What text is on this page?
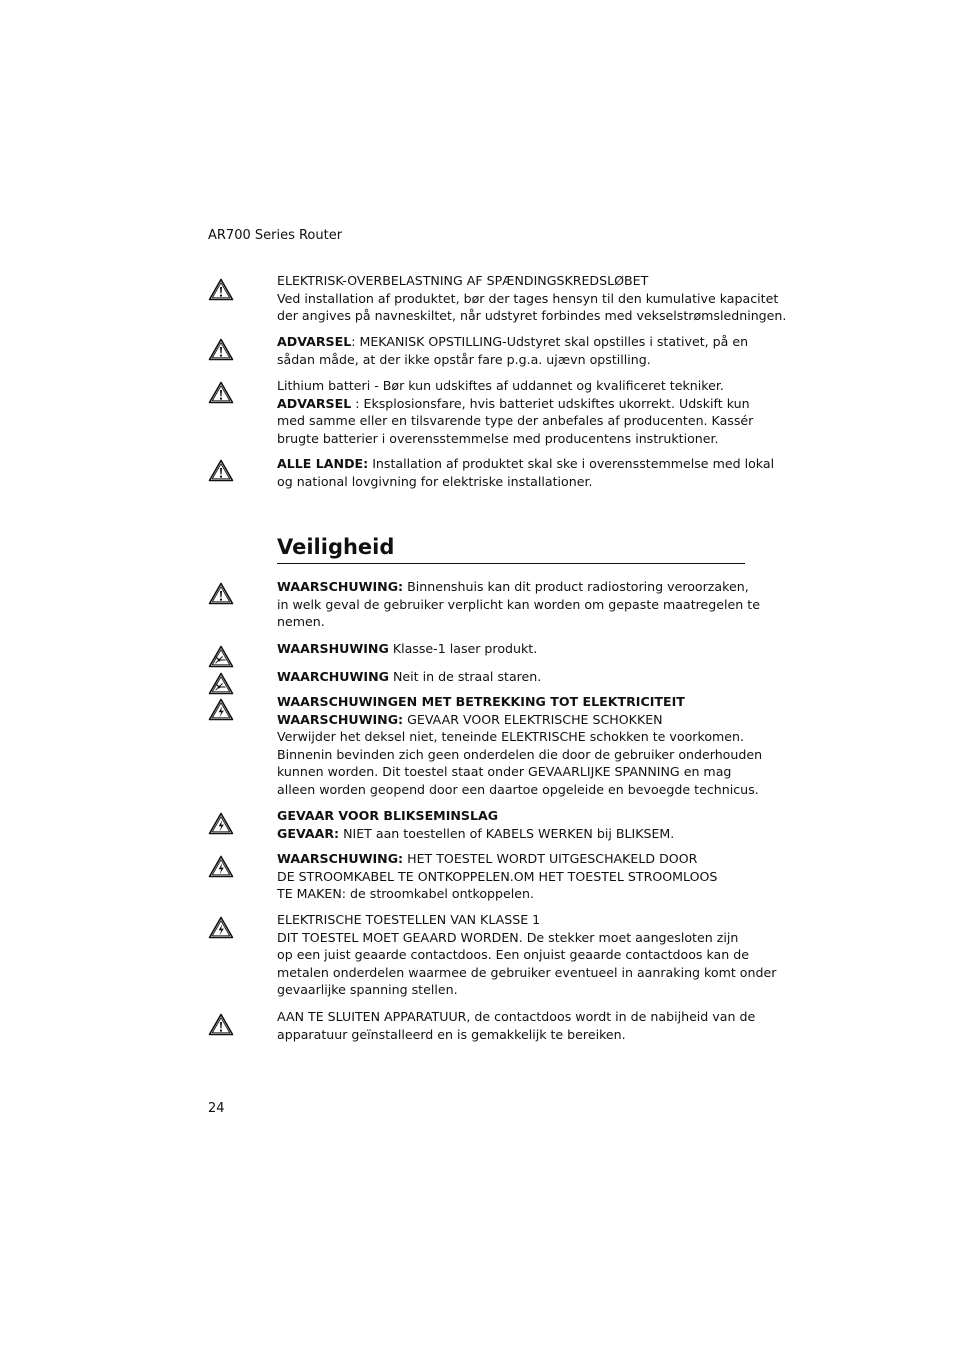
AR700 Series Router
ELEKTRISK-OVERBELASTNING AF SPÆNDINGSKREDSLØBET
Ved installation af produktet, bør der tages hensyn til den kumulative kapacitet
der angives på navneskiltet, når udstyret forbindes med vekselstrømsledningen.
ADVARSEL: MEKANISK OPSTILLING-Udstyret skal opstilles i stativet, på en
sådan måde, at der ikke opstår fare p.g.a. ujævn opstilling.
Lithium batteri - Bør kun udskiftes af uddannet og kvalificeret tekniker.
ADVARSEL : Eksplosionsfare, hvis batteriet udskiftes ukorrekt. Udskift kun
med samme eller en tilsvarende type der anbefales af producenten. Kassér
brugte batterier i overensstemmelse med producentens instruktioner.
ALLE LANDE: Installation af produktet skal ske i overensstemmelse med lokal
og national lovgivning for elektriske installationer.
Veiligheid
WAARSCHUWING: Binnenshuis kan dit product radiostoring veroorzaken,
in welk geval de gebruiker verplicht kan worden om gepaste maatregelen te
nemen.
WAARSHUWING Klasse-1 laser produkt.
WAARCHUWING Neit in de straal staren.
WAARSCHUWINGEN MET BETREKKING TOT ELEKTRICITEIT
WAARSCHUWING: GEVAAR VOOR ELEKTRISCHE SCHOKKEN
Verwijder het deksel niet, teneinde ELEKTRISCHE schokken te voorkomen.
Binnenin bevinden zich geen onderdelen die door de gebruiker onderhouden
kunnen worden. Dit toestel staat onder GEVAARLIJKE SPANNING en mag
alleen worden geopend door een daartoe opgeleide en bevoegde technicus.
GEVAAR VOOR BLIKSEMINSLAG
GEVAAR: NIET aan toestellen of KABELS WERKEN bij BLIKSEM.
WAARSCHUWING: HET TOESTEL WORDT UITGESCHAKELD DOOR
DE STROOMKABEL TE ONTKOPPELEN.OM HET TOESTEL STROOMLOOS
TE MAKEN: de stroomkabel ontkoppelen.
ELEKTRISCHE TOESTELLEN VAN KLASSE 1
DIT TOESTEL MOET GEAARD WORDEN. De stekker moet aangesloten zijn
op een juist geaarde contactdoos. Een onjuist geaarde contactdoos kan de
metalen onderdelen waarmee de gebruiker eventueel in aanraking komt onder
gevaarlijke spanning stellen.
AAN TE SLUITEN APPARATUUR, de contactdoos wordt in de nabijheid van de
apparatuur geïnstalleerd en is gemakkelijk te bereiken.
24
